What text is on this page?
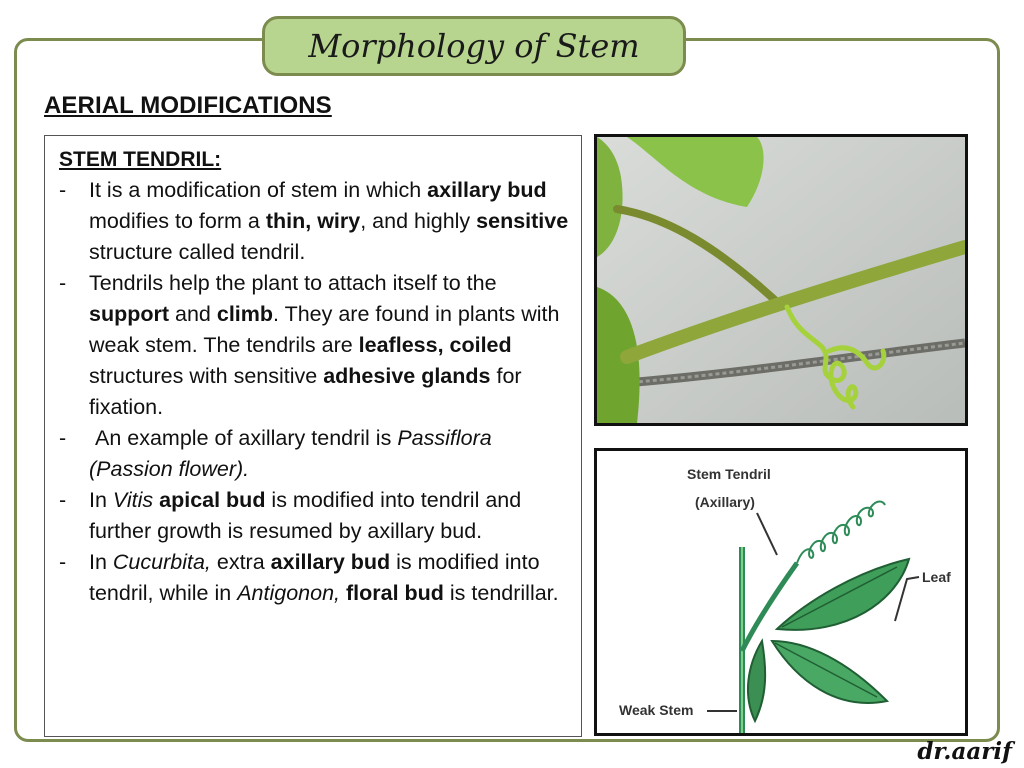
Morphology of Stem
AERIAL MODIFICATIONS
STEM TENDRIL:
- It is a modification of stem in which axillary bud modifies to form a thin, wiry, and highly sensitive structure called tendril.
- Tendrils help the plant to attach itself to the support and climb. They are found in plants with weak stem. The tendrils are leafless, coiled structures with sensitive adhesive glands for fixation.
- An example of axillary tendril is Passiflora (Passion flower).
- In Vitis apical bud is modified into tendril and further growth is resumed by axillary bud.
- In Cucurbita, extra axillary bud is modified into tendril, while in Antigonon, floral bud is tendrillar.
Stem Tendril
(Axillary)
Leaf
Weak Stem
dr.aarif
